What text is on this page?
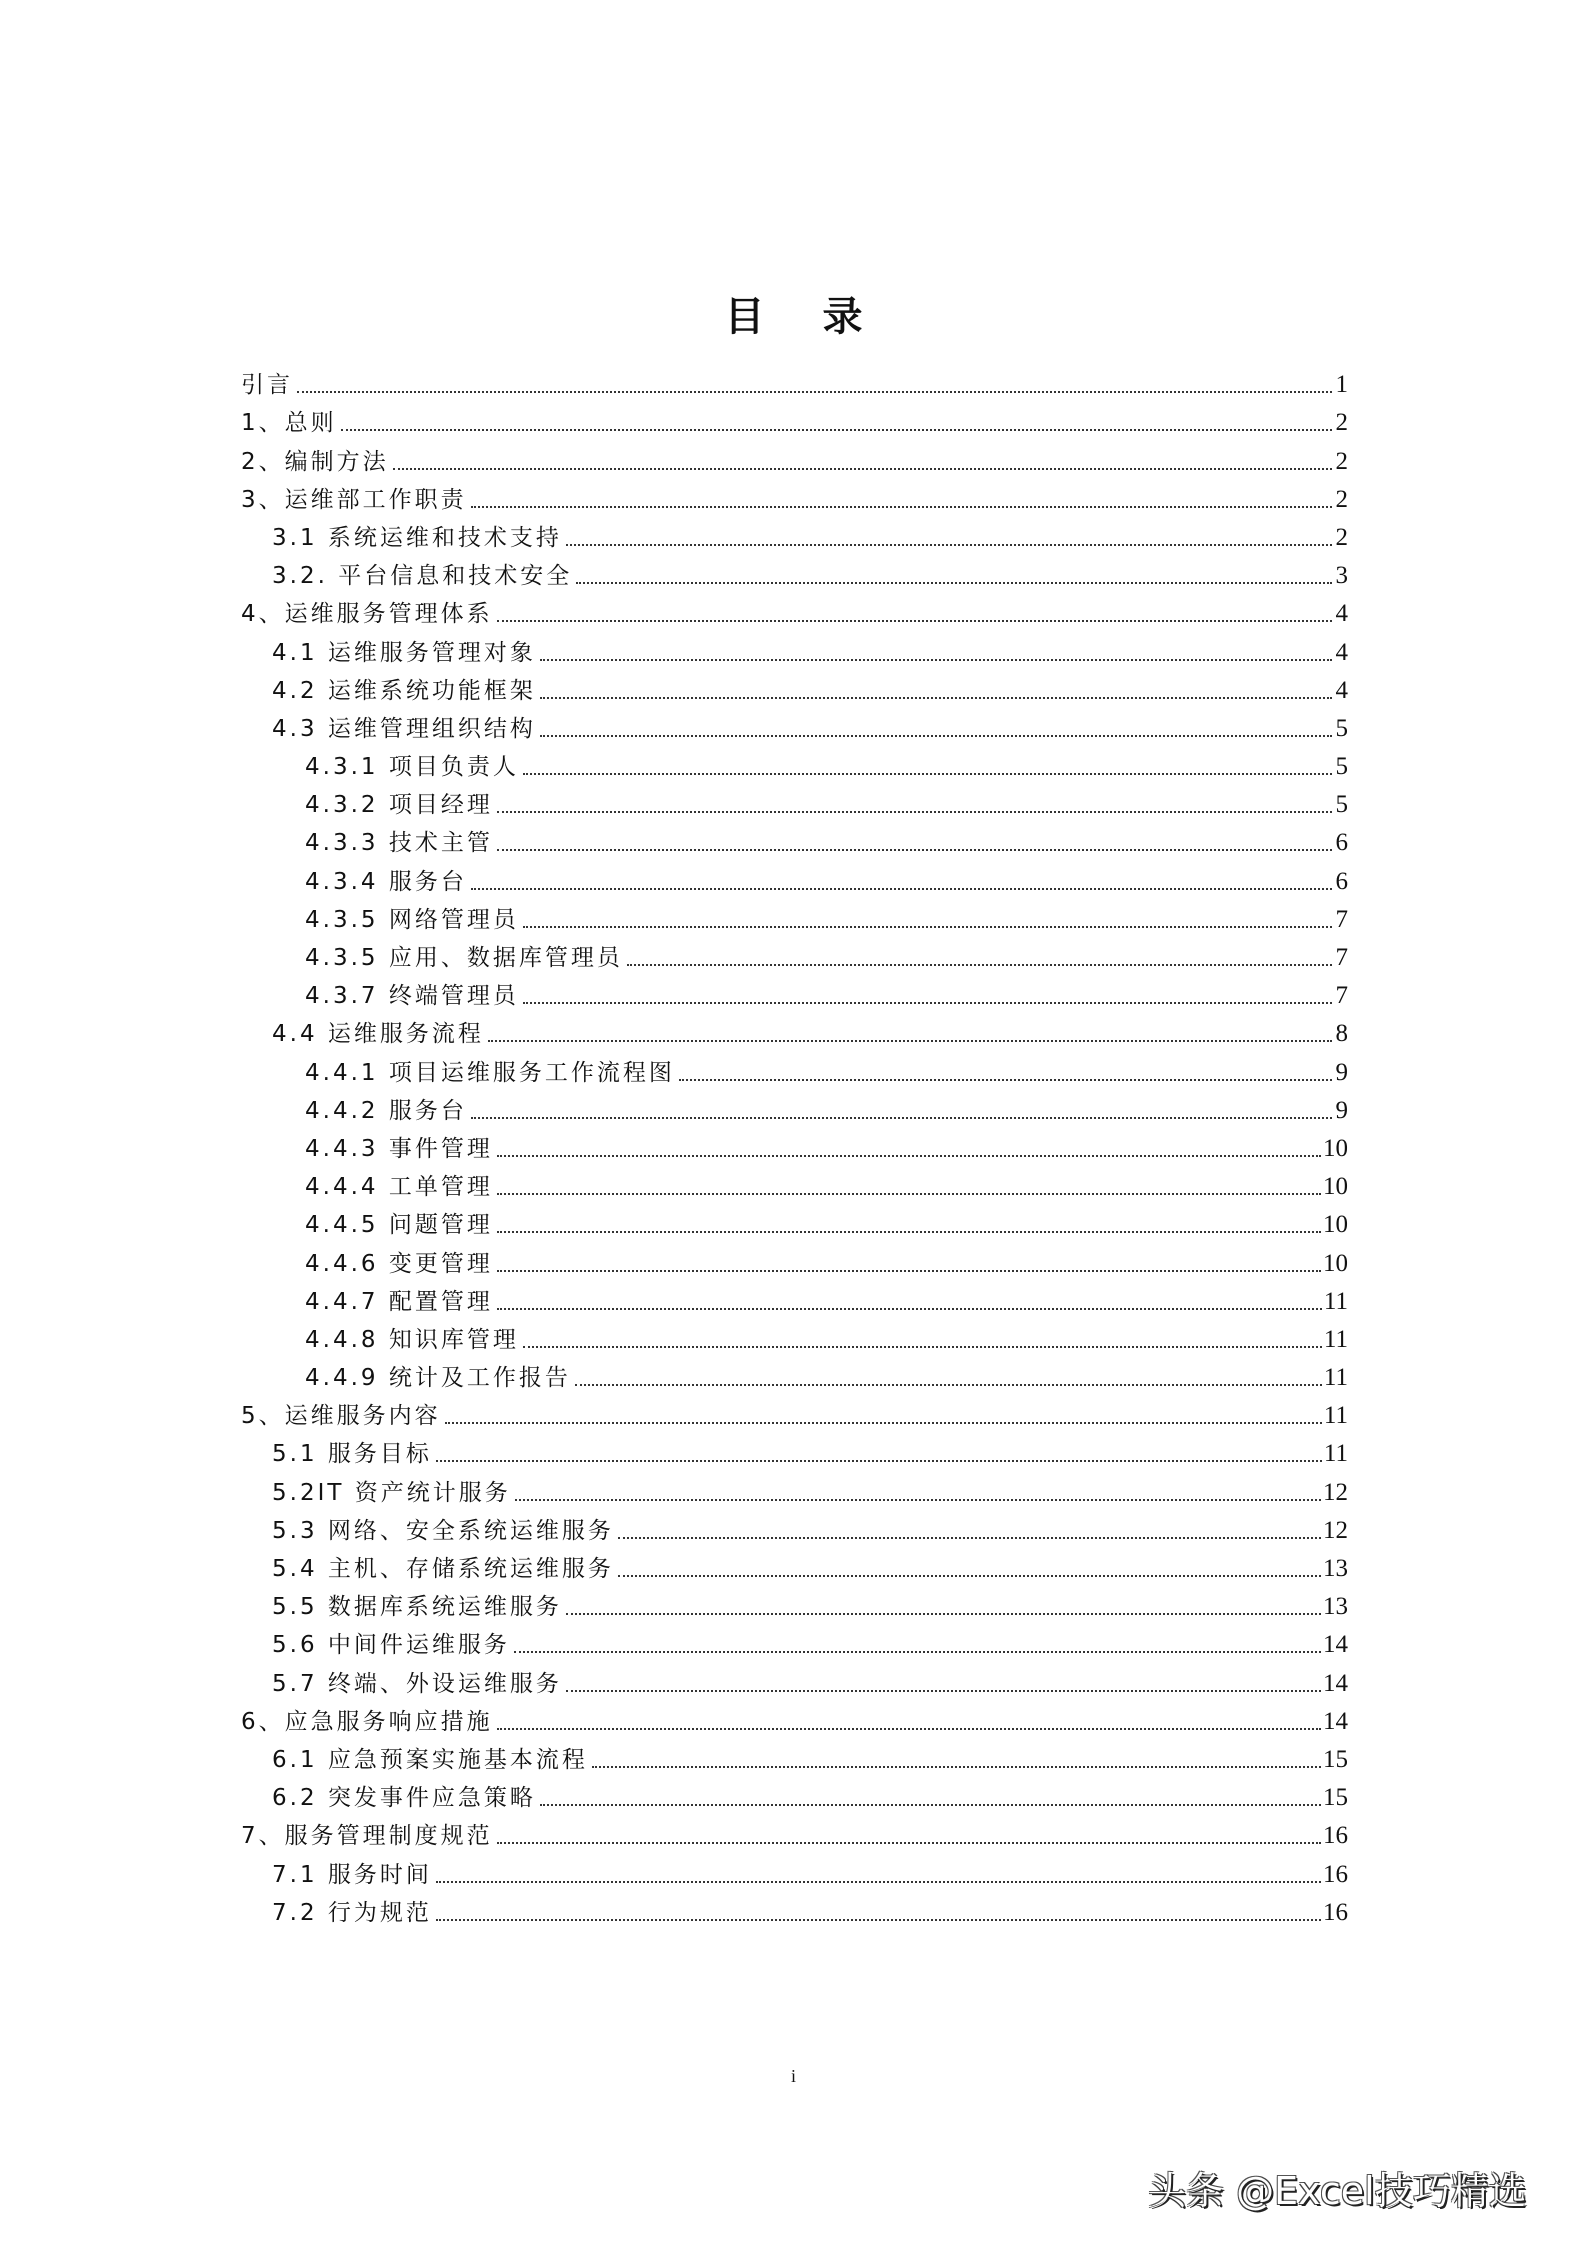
目 录
引言	1
1、总则	2
2、编制方法	2
3、运维部工作职责	2
3.1 系统运维和技术支持	2
3.2. 平台信息和技术安全	3
4、运维服务管理体系	4
4.1 运维服务管理对象	4
4.2 运维系统功能框架	4
4.3 运维管理组织结构	5
4.3.1 项目负责人	5
4.3.2 项目经理	5
4.3.3 技术主管	6
4.3.4 服务台	6
4.3.5 网络管理员	7
4.3.5 应用、数据库管理员	7
4.3.7 终端管理员	7
4.4 运维服务流程	8
4.4.1 项目运维服务工作流程图	9
4.4.2 服务台	9
4.4.3 事件管理	10
4.4.4 工单管理	10
4.4.5 问题管理	10
4.4.6 变更管理	10
4.4.7 配置管理	11
4.4.8 知识库管理	11
4.4.9 统计及工作报告	11
5、运维服务内容	11
5.1 服务目标	11
5.2IT 资产统计服务	12
5.3 网络、安全系统运维服务	12
5.4 主机、存储系统运维服务	13
5.5 数据库系统运维服务	13
5.6 中间件运维服务	14
5.7 终端、外设运维服务	14
6、应急服务响应措施	14
6.1 应急预案实施基本流程	15
6.2 突发事件应急策略	15
7、服务管理制度规范	16
7.1 服务时间	16
7.2 行为规范	16
i
头条 @Excel技巧精选
